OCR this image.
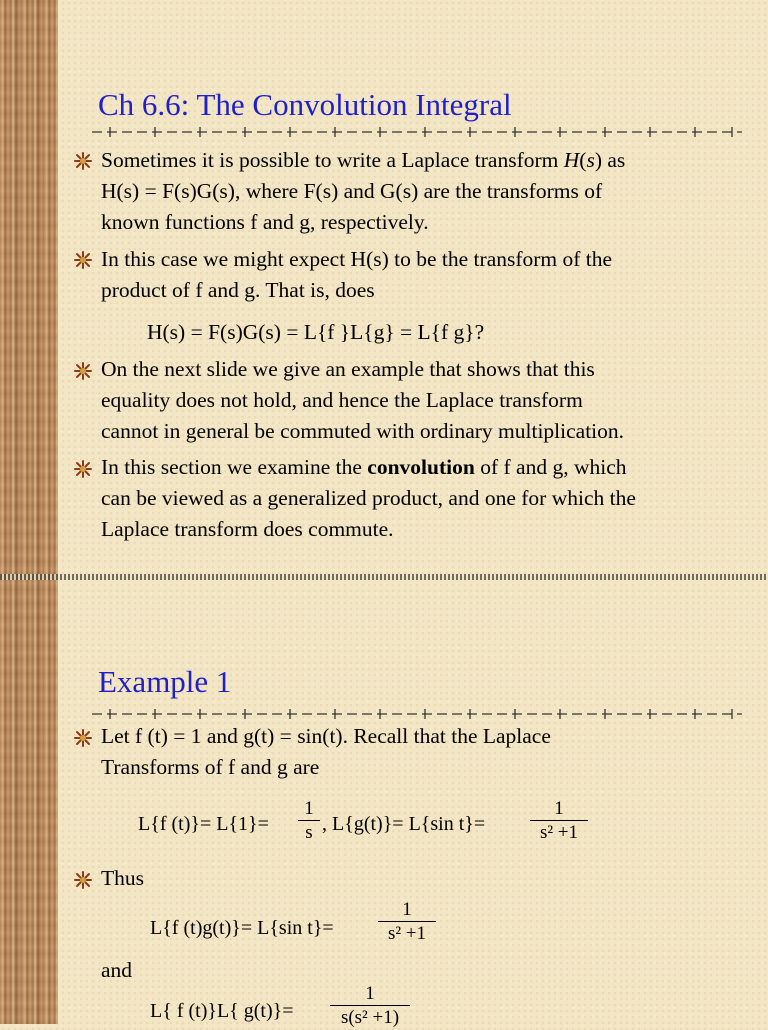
Ch 6.6: The Convolution Integral
Sometimes it is possible to write a Laplace transform H(s) as
H(s) = F(s)G(s), where F(s) and G(s) are the transforms of
known functions f and g, respectively.
In this case we might expect H(s) to be the transform of the
product of f and g. That is, does
H(s) = F(s)G(s) = L{f }L{g} = L{f g}?
On the next slide we give an example that shows that this
equality does not hold, and hence the Laplace transform
cannot in general be commuted with ordinary multiplication.
In this section we examine the convolution of f and g, which
can be viewed as a generalized product, and one for which the
Laplace transform does commute.
Example 1
Let f (t) = 1 and g(t) = sin(t). Recall that the Laplace
Transforms of f and g are
L{f (t)}= L{1}=
1
s , L{g(t)}= L{sin t}=
1
s² +1
Thus
L{f (t)g(t)}= L{sin t}=
1
s² +1
and
L{ f (t)}L{ g(t)}=
1
s(s² +1)
